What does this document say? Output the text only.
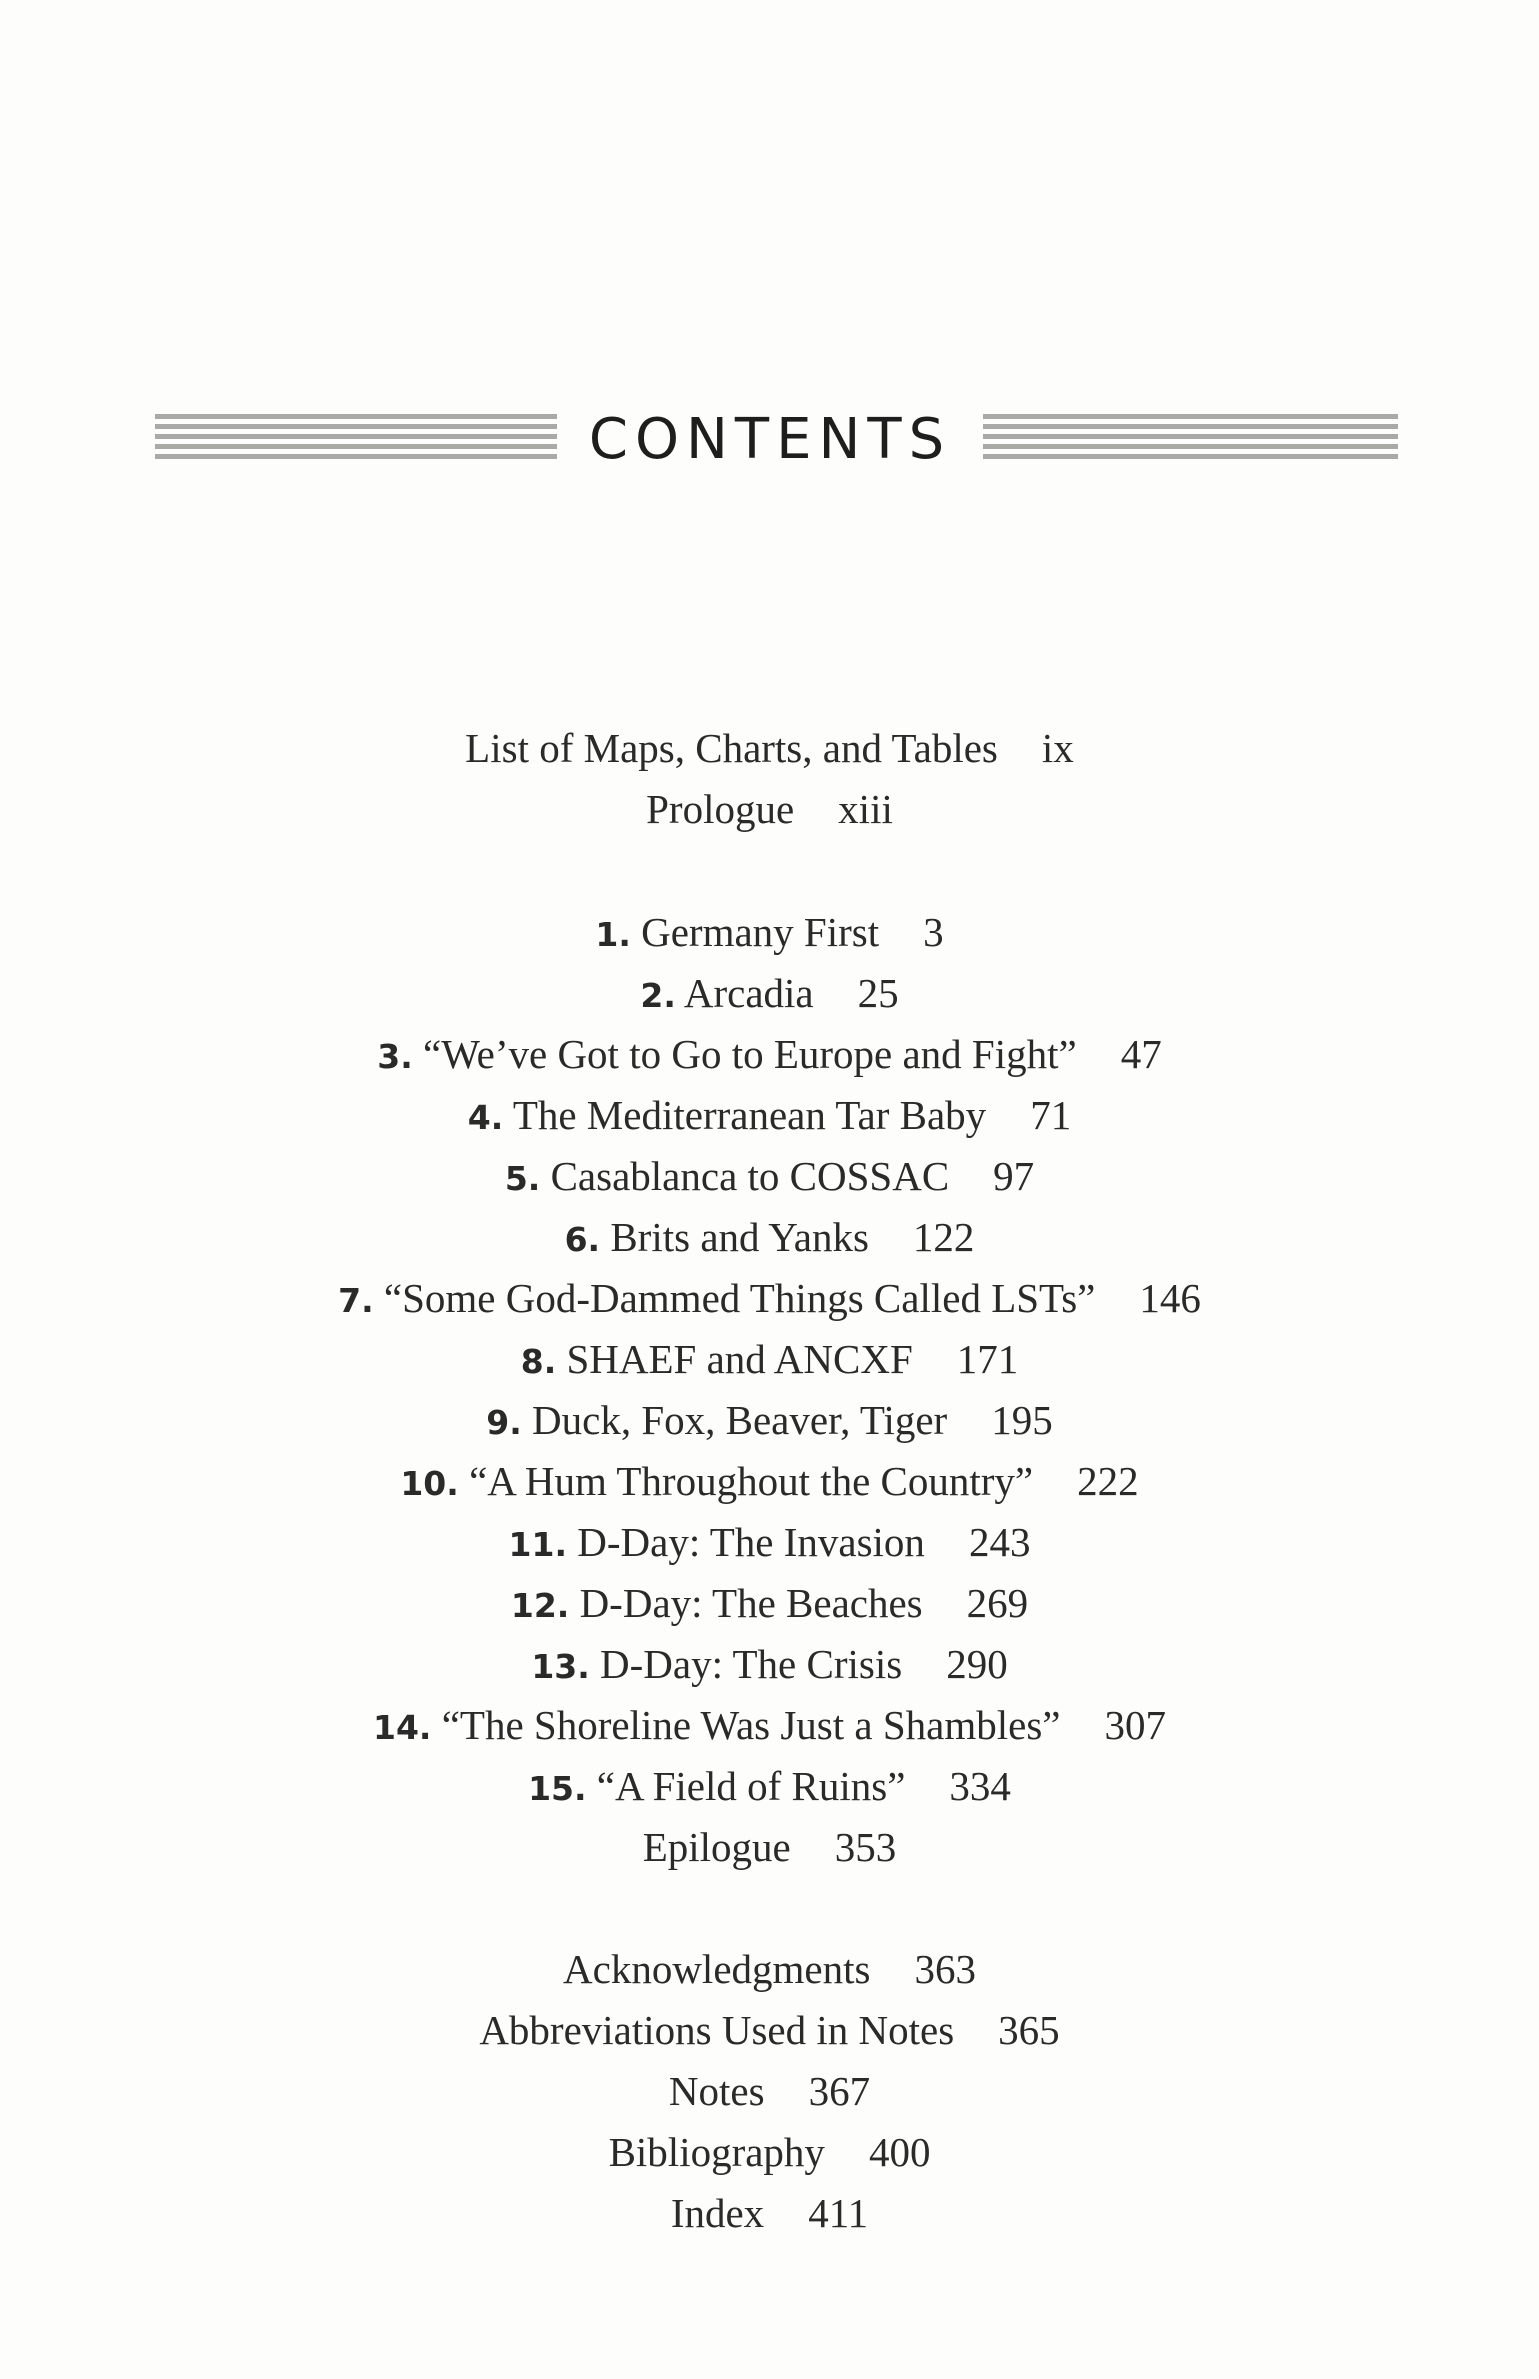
CONTENTS
List of Maps, Charts, and Tables ix
Prologue xiii
1. Germany First 3
2. Arcadia 25
3. “We’ve Got to Go to Europe and Fight” 47
4. The Mediterranean Tar Baby 71
5. Casablanca to COSSAC 97
6. Brits and Yanks 122
7. “Some God-Dammed Things Called LSTs” 146
8. SHAEF and ANCXF 171
9. Duck, Fox, Beaver, Tiger 195
10. “A Hum Throughout the Country” 222
11. D-Day: The Invasion 243
12. D-Day: The Beaches 269
13. D-Day: The Crisis 290
14. “The Shoreline Was Just a Shambles” 307
15. “A Field of Ruins” 334
Epilogue 353
Acknowledgments 363
Abbreviations Used in Notes 365
Notes 367
Bibliography 400
Index 411
